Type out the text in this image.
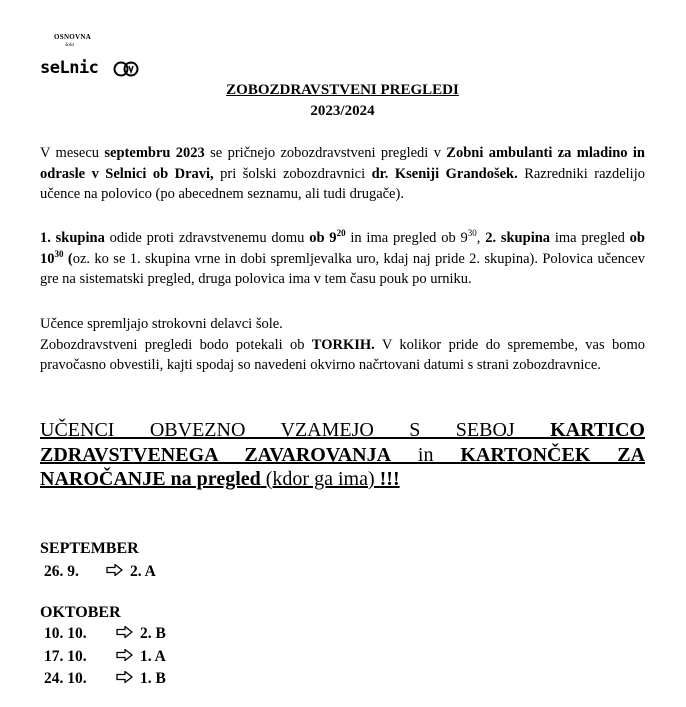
OSNOVNA
šola
seLnic
ZOBOZDRAVSTVENI PREGLEDI
2023/2024

V mesecu septembru 2023 se pričnejo zobozdravstveni pregledi v Zobni ambulanti za mladino in odrasle v Selnici ob Dravi, pri šolski zobozdravnici dr. Kseniji Grandošek. Razredniki razdelijo učence na polovico (po abecednem seznamu, ali tudi drugače).

1. skupina odide proti zdravstvenemu domu ob $9^{20}$ in ima pregled ob $9^{30}$, 2. skupina ima pregled ob $10^{30}$ (oz. ko se 1. skupina vrne in dobi spremljevalka uro, kdaj naj pride 2. skupina). Polovica učencev gre na sistematski pregled, druga polovica ima v tem času pouk po urniku.

Učence spremljajo strokovni delavci šole.
Zobozdravstveni pregledi bodo potekali ob TORKIH. V kolikor pride do spremembe, vas bomo pravočasno obvestili, kajti spodaj so navedeni okvirno načrtovani datumi s strani zobozdravnice.

UČENCI OBVEZNO VZAMEJO S SEBOJ KARTICO ZDRAVSTVENEGA ZAVAROVANJA in KARTONČEK ZA NAROČANJE na pregled (kdor ga ima) !!!

SEPTEMBER
26. 9.	2. A
OKTOBER
10. 10.	2. B
17. 10.	1. A
24. 10.	1. B
